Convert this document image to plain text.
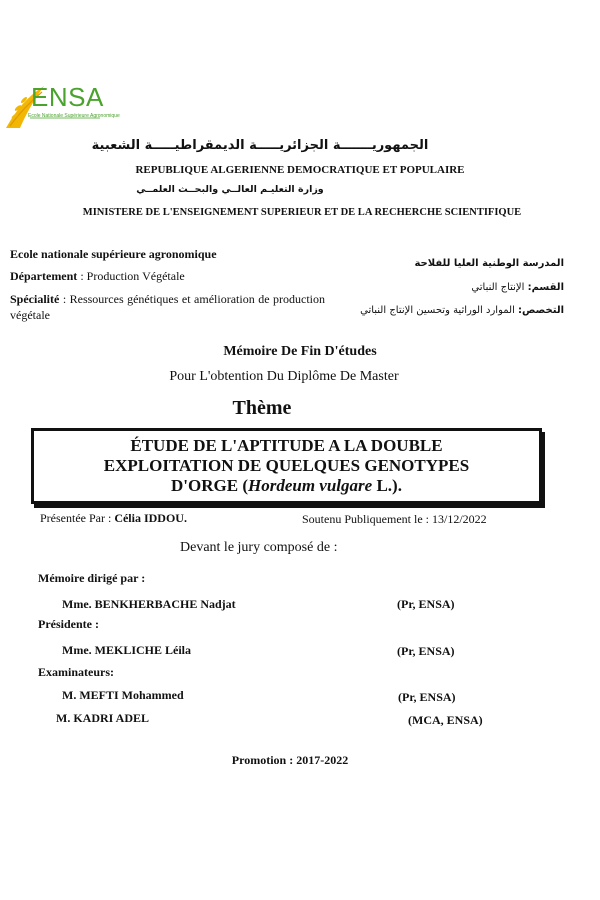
ENSA
Ecole Nationale Supérieure Agronomique
الجمهوريـــــــة الجزائريـــــة الديمقراطيـــــة الشعبية
REPUBLIQUE ALGERIENNE DEMOCRATIQUE ET POPULAIRE
وزارة التعليـم العالــي والبحــث العلمــي
MINISTERE DE L'ENSEIGNEMENT SUPERIEUR ET DE LA RECHERCHE SCIENTIFIQUE
Ecole nationale supérieure agronomique
Département : Production Végétale
Spécialité : Ressources génétiques et amélioration de production végétale
المدرسة الوطنية العليا للفلاحة
القسم: الإنتاج النباتي
التخصص: الموارد الوراثية وتحسين الإنتاج النباتي
Mémoire De Fin D'études
Pour L'obtention Du Diplôme De Master
Thème
ÉTUDE DE L'APTITUDE A LA DOUBLE
EXPLOITATION DE QUELQUES GENOTYPES
D'ORGE (Hordeum vulgare L.).
Présentée Par : Célia IDDOU.	Soutenu Publiquement le : 13/12/2022
Devant le jury composé de :
Mémoire dirigé par :
Mme. BENKHERBACHE Nadjat	(Pr, ENSA)
Présidente :
Mme. MEKLICHE Léila	(Pr, ENSA)
Examinateurs:
M. MEFTI Mohammed	(Pr, ENSA)
M. KADRI ADEL	(MCA, ENSA)
Promotion : 2017-2022
